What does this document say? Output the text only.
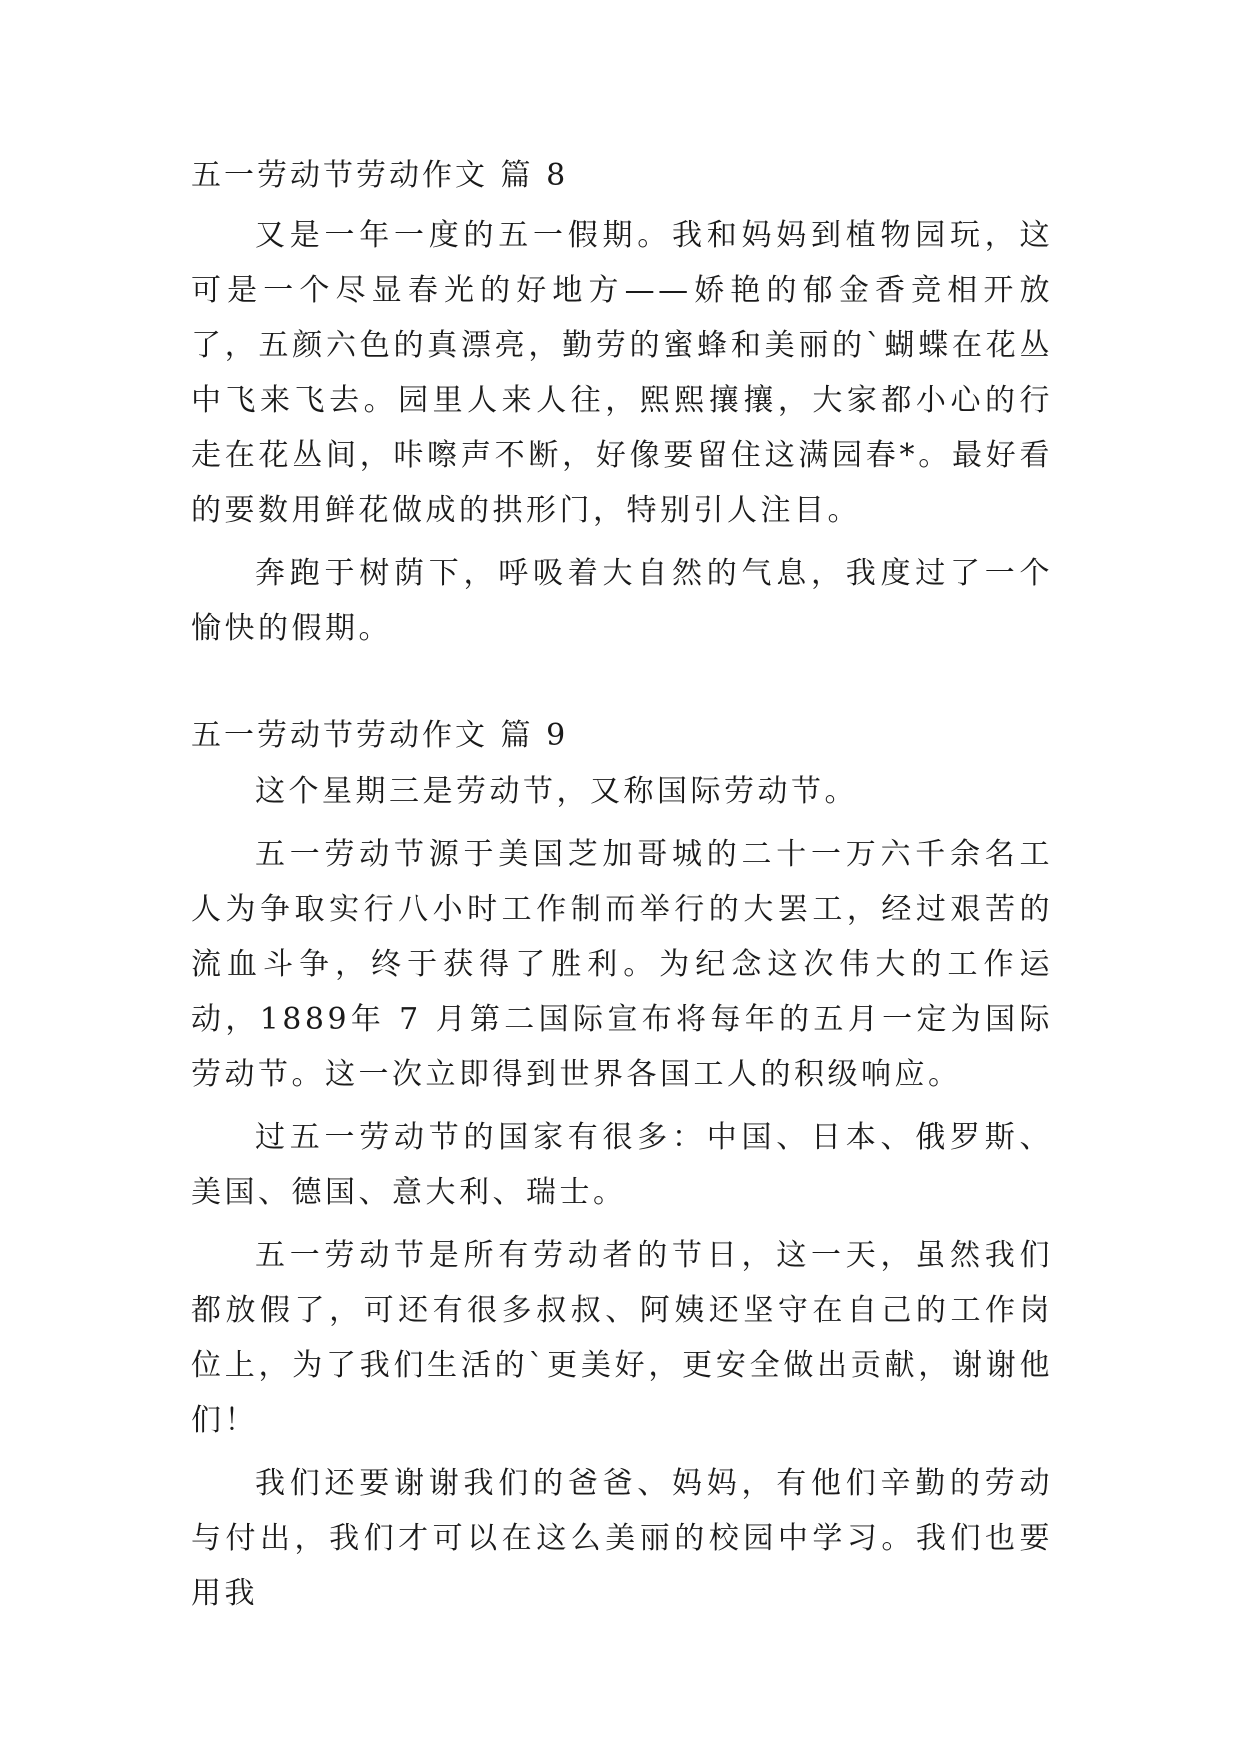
五一劳动节劳动作文 篇 8

又是一年一度的五一假期。我和妈妈到植物园玩，这可是一个尽显春光的好地方——娇艳的郁金香竞相开放了，五颜六色的真漂亮，勤劳的蜜蜂和美丽的`蝴蝶在花丛中飞来飞去。园里人来人往，熙熙攘攘，大家都小心的行走在花丛间，咔嚓声不断，好像要留住这满园春*。最好看的要数用鲜花做成的拱形门，特别引人注目。

奔跑于树荫下，呼吸着大自然的气息，我度过了一个愉快的假期。

五一劳动节劳动作文 篇 9

这个星期三是劳动节，又称国际劳动节。

五一劳动节源于美国芝加哥城的二十一万六千余名工人为争取实行八小时工作制而举行的大罢工，经过艰苦的流血斗争，终于获得了胜利。为纪念这次伟大的工作运动，1889年 7 月第二国际宣布将每年的五月一定为国际劳动节。这一次立即得到世界各国工人的积级响应。

过五一劳动节的国家有很多：中国、日本、俄罗斯、美国、德国、意大利、瑞士。

五一劳动节是所有劳动者的节日，这一天，虽然我们都放假了，可还有很多叔叔、阿姨还坚守在自己的工作岗位上，为了我们生活的`更美好，更安全做出贡献，谢谢他们！

我们还要谢谢我们的爸爸、妈妈，有他们辛勤的劳动与付出，我们才可以在这么美丽的校园中学习。我们也要用我
